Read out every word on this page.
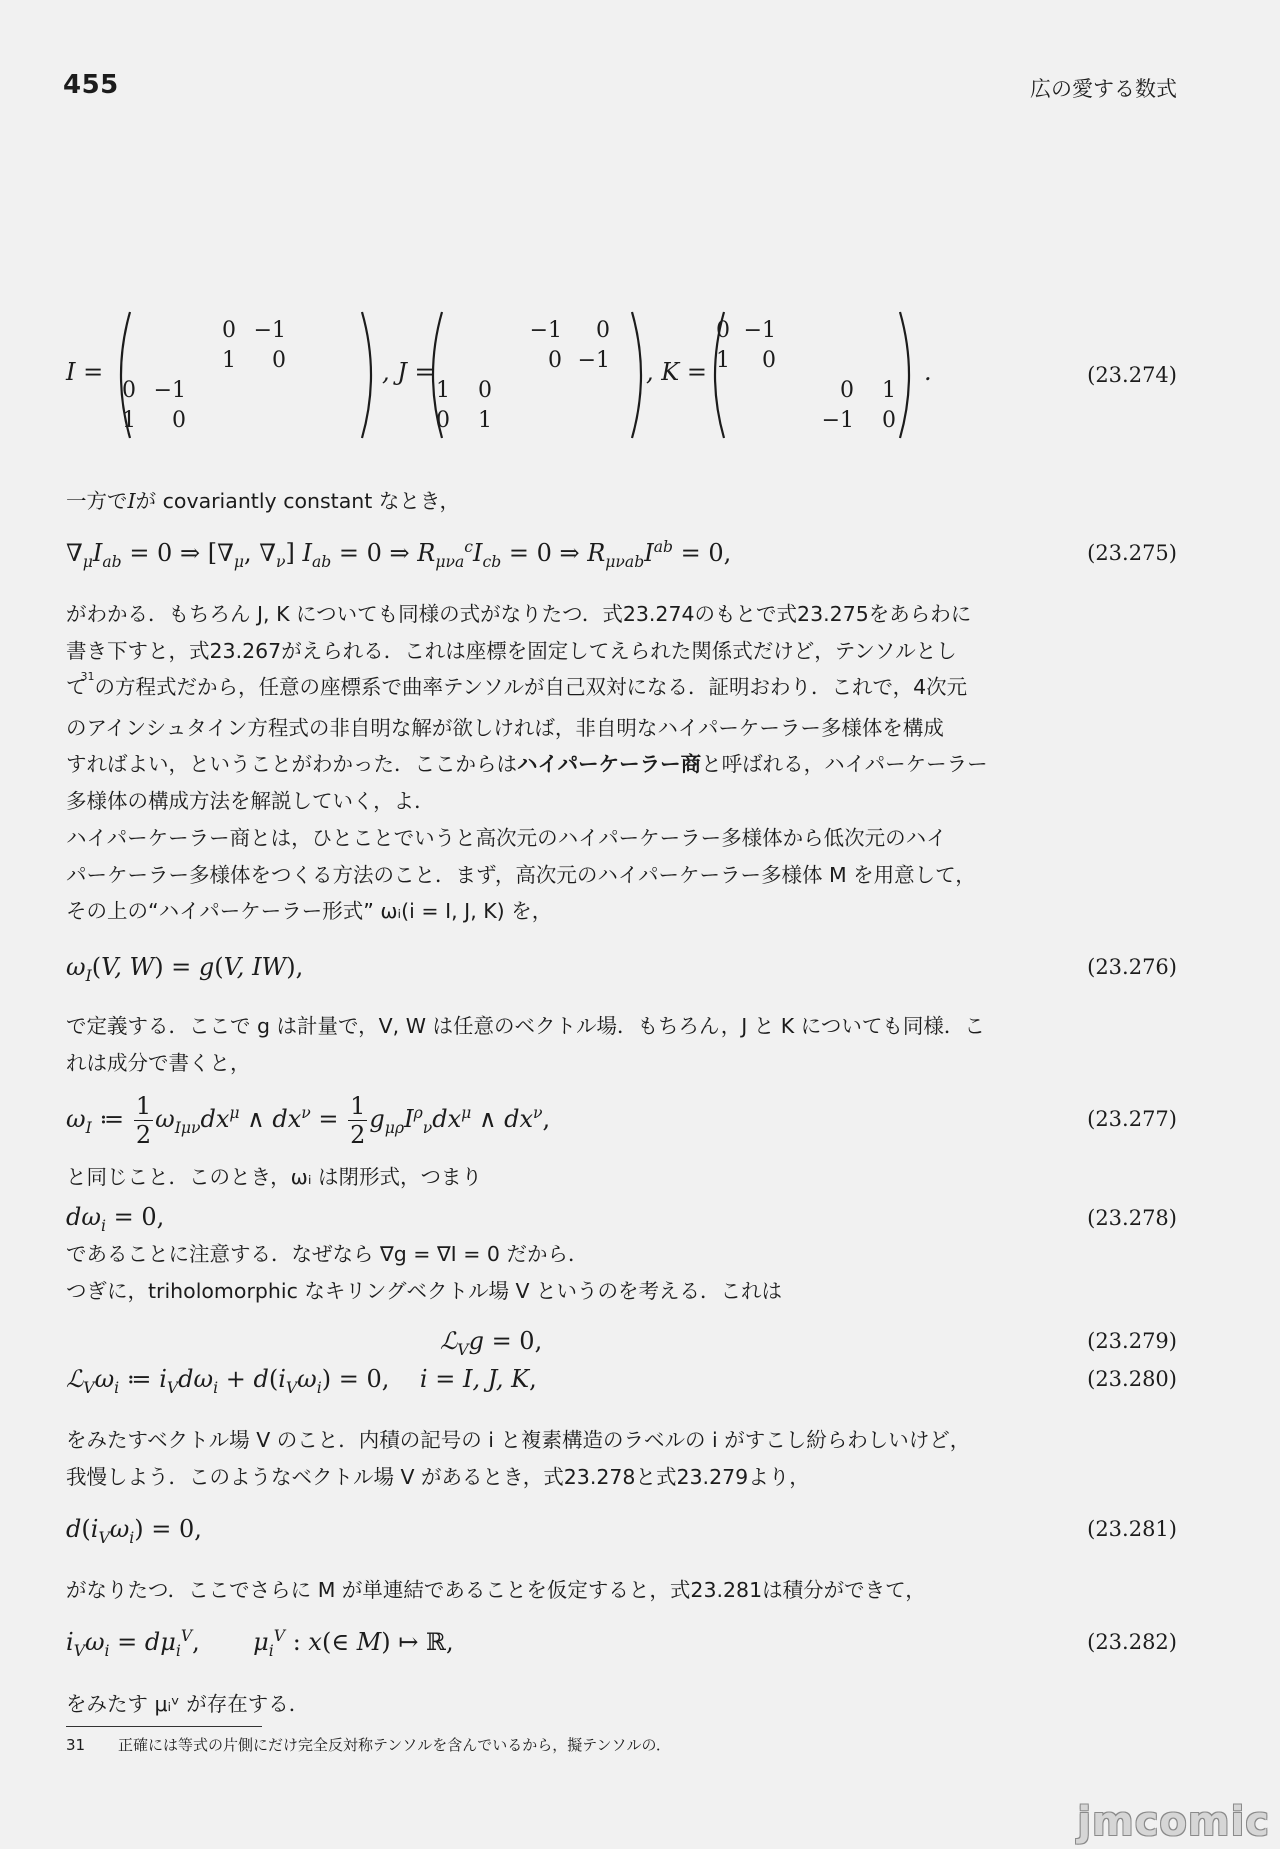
455	広の愛する数式
I =
0 −1
1	0
0 −1
1	0
, J =
−1	0
0 −1
1	0
0	1
, K =
0 −1
1	0
0	1
−1	0
.	(23.274)
一方でIが covariantly constant なとき，
$\nabla_\mu I_{ab} = 0$ ⇒ [$\nabla_\mu$, $\nabla_\nu$] $I_{ab} = 0$ ⇒ $R_{\mu\nu a}^cI_{cb} = 0$ ⇒ $R_{\mu\nu ab}I^{ab} = 0$,	(23.275)
がわかる．もちろん J, K についても同様の式がなりたつ．式23.274のもとで式23.275をあらわに
書き下すと，式23.267がえられる．これは座標を固定してえられた関係式だけど，テンソルとし
て$^{31}$の方程式だから，任意の座標系で曲率テンソルが自己双対になる．証明おわり．これで，4次元
のアインシュタイン方程式の非自明な解が欲しければ，非自明なハイパーケーラー多様体を構成
すればよい，ということがわかった．ここからはハイパーケーラー商と呼ばれる，ハイパーケーラー
多様体の構成方法を解説していく，よ．
ハイパーケーラー商とは，ひとことでいうと高次元のハイパーケーラー多様体から低次元のハイ
パーケーラー多様体をつくる方法のこと．まず，高次元のハイパーケーラー多様体 M を用意して，
その上の“ハイパーケーラー形式” ωᵢ(i = I, J, K) を，
$\omega_I(V$, W) = g(V, IW),	(23.276)
で定義する．ここで g は計量で，V, W は任意のベクトル場．もちろん，J と K についても同様．こ
れは成分で書くと，
$\omega_I$ ≔ $\frac{1}{2} \omega_{I\mu\nu}dx^\mu$ ∧ $dx^\nu = \frac{1}{2} g_{\mu\rho}I^\rho_\nu dx^\mu$ ∧ $dx^\nu$,	(23.277)
と同じこと．このとき，ωᵢ は閉形式，つまり
$d\omega_i = 0$,	(23.278)
であることに注意する．なぜなら ∇g = ∇I = 0 だから．
つぎに，triholomorphic なキリングベクトル場 V というのを考える．これは
ℒ$_V$g = 0,	(23.279)
$ℒ_V\omega_i$ ≔ $i_Vd\omega_i + d(i_V\omega_i) = 0$,    i = I, J, K,	(23.280)
をみたすベクトル場 V のこと．内積の記号の i と複素構造のラベルの i がすこし紛らわしいけど，
我慢しよう．このようなベクトル場 V があるとき，式23.278と式23.279より，
$d(i_V\omega_i) = 0$,	(23.281)
がなりたつ．ここでさらに M が単連結であることを仮定すると，式23.281は積分ができて，
$i_V\omega_i = d\mu_i^V$,       $\mu_i^V$ : x(∈ M) ↦ ℝ,	(23.282)
をみたす μᵢᵛ が存在する．
31 正確には等式の片側にだけ完全反対称テンソルを含んでいるから，擬テンソルの．
jmcomic
